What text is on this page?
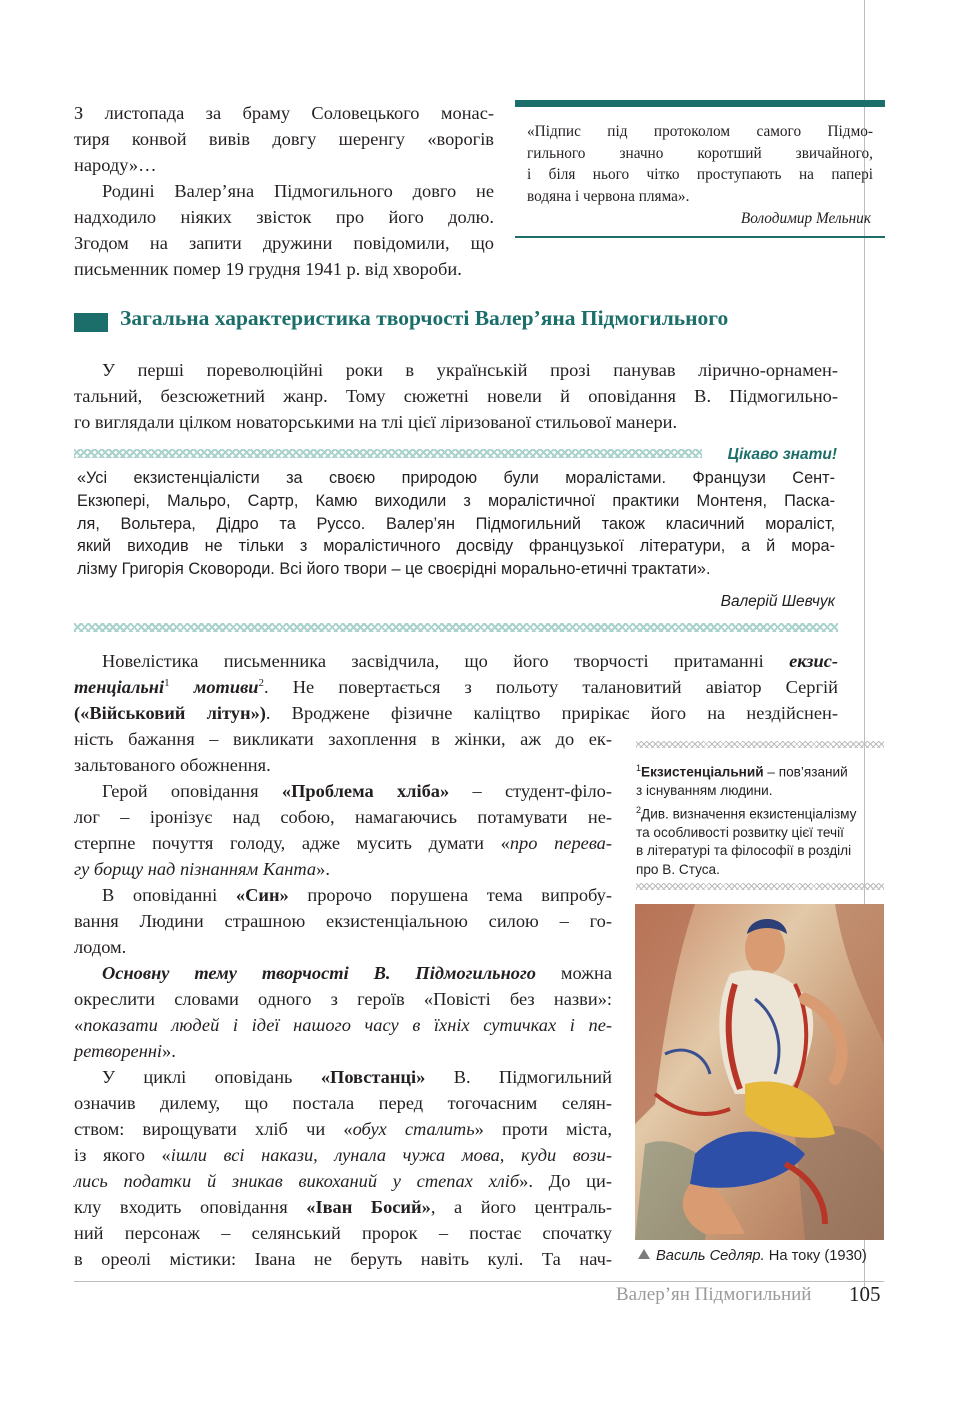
З листопада за браму Соловецького монас-

тиря конвой вивів довгу шеренгу «ворогів

народу»…

Родині Валер’яна Підмогильного довго не

надходило ніяких звісток про його долю.

Згодом на запити дружини повідомили, що

письменник помер 19 грудня 1941 р. від хвороби.

«Підпис під протоколом самого Підмо-

гильного значно коротший звичайного,

і біля нього чітко проступають на папері

водяна і червона пляма».

Володимир Мельник
Загальна характеристика творчості Валер’яна Підмогильного

У перші пореволюційні роки в українській прозі панував лірично-орнамен-

тальний, безсюжетний жанр. Тому сюжетні новели й оповідання В. Підмогильно-

го виглядали цілком новаторськими на тлі цієї ліризованої стильової манери.

Цікаво знати!

«Усі екзистенціалісти за своєю природою були моралістами. Французи Сент-

Екзюпері, Мальро, Сартр, Камю виходили з моралістичної практики Монтеня, Паска-

ля, Вольтера, Дідро та Руссо. Валер’ян Підмогильний також класичний мораліст,

який виходив не тільки з моралістичного досвіду французької літератури, а й мора-

лізму Григорія Сковороди. Всі його твори – це своєрідні морально-етичні трактати».

Валерій Шевчук

Новелістика письменника засвідчила, що його творчості притаманні екзис-

тенціальні$^1$ мотиви$^2$. Не повертається з польоту талановитий авіатор Сергій

(«Військовий літун»). Вроджене фізичне каліцтво прирікає його на нездійснен-

ність бажання – викликати захоплення в жінки, аж до ек-

зальтованого обожнення.

Герой оповідання «Проблема хліба» – студент-філо-

лог – іронізує над собою, намагаючись потамувати не-

стерпне почуття голоду, адже мусить думати «про перева-

гу борщу над пізнанням Канта».

В оповіданні «Син» пророчо порушена тема випробу-

вання Людини страшною екзистенціальною силою – го-

лодом.

Основну тему творчості В. Підмогильного можна

окреслити словами одного з героїв «Повісті без назви»:

«показати людей і ідеї нашого часу в їхніх сутичках і пе-

ретворенні».

У циклі оповідань «Повстанці» В. Підмогильний

означив дилему, що постала перед тогочасним селян-

ством: вирощувати хліб чи «обух сталить» проти міста,

із якого «ішли всі накази, лунала чужа мова, куди вози-

лись податки й зникав викоханий у степах хліб». До ци-

клу входить оповідання «Іван Босий», а його централь-

ний персонаж – селянський пророк – постає спочатку

в ореолі містики: Івана не беруть навіть кулі. Та нач-

$^1$Екзистенціальний – пов’язаний
з існуванням людини.
$^2$Див. визначення екзистенціалізму
та особливості розвитку цієї течії
в літературі та філософії в розділі
про В. Стуса.
Василь Седляр. На току (1930)
Валер’ян Підмогильний 105
